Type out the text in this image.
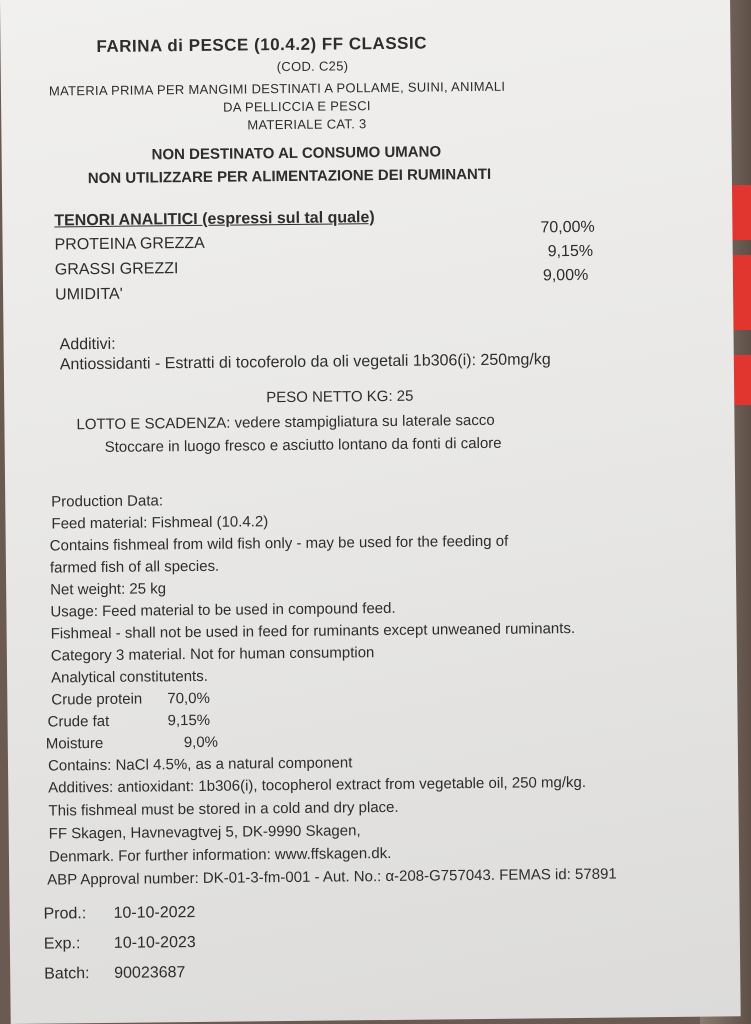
FARINA di PESCE (10.4.2) FF CLASSIC
(COD. C25)
MATERIA PRIMA PER MANGIMI DESTINATI A POLLAME, SUINI, ANIMALI
DA PELLICCIA E PESCI
MATERIALE CAT. 3
NON DESTINATO AL CONSUMO UMANO
NON UTILIZZARE PER ALIMENTAZIONE DEI RUMINANTI
TENORI ANALITICI (espressi sul tal quale)
PROTEINA GREZZA
70,00%
GRASSI GREZZI
9,15%
UMIDITA'
9,00%
Additivi:
Antiossidanti - Estratti di tocoferolo da oli vegetali 1b306(i): 250mg/kg
PESO NETTO KG: 25
LOTTO E SCADENZA: vedere stampigliatura su laterale sacco
Stoccare in luogo fresco e asciutto lontano da fonti di calore
Production Data:
Feed material: Fishmeal (10.4.2)
Contains fishmeal from wild fish only - may be used for the feeding of
farmed fish of all species.
Net weight: 25 kg
Usage: Feed material to be used in compound feed.
Fishmeal - shall not be used in feed for ruminants except unweaned ruminants.
Category 3 material. Not for human consumption
Analytical constitutents.
Crude protein 70,0%
Crude fat	9,15%
Moisture	9,0%
Contains: NaCl 4.5%, as a natural component
Additives: antioxidant: 1b306(i), tocopherol extract from vegetable oil, 250 mg/kg.
This fishmeal must be stored in a cold and dry place.
FF Skagen, Havnevagtvej 5, DK-9990 Skagen,
Denmark. For further information: www.ffskagen.dk.
ABP Approval number: DK-01-3-fm-001 - Aut. No.: α-208-G757043. FEMAS id: 57891
Prod.: 10-10-2022
Exp.: 10-10-2023
Batch: 90023687
